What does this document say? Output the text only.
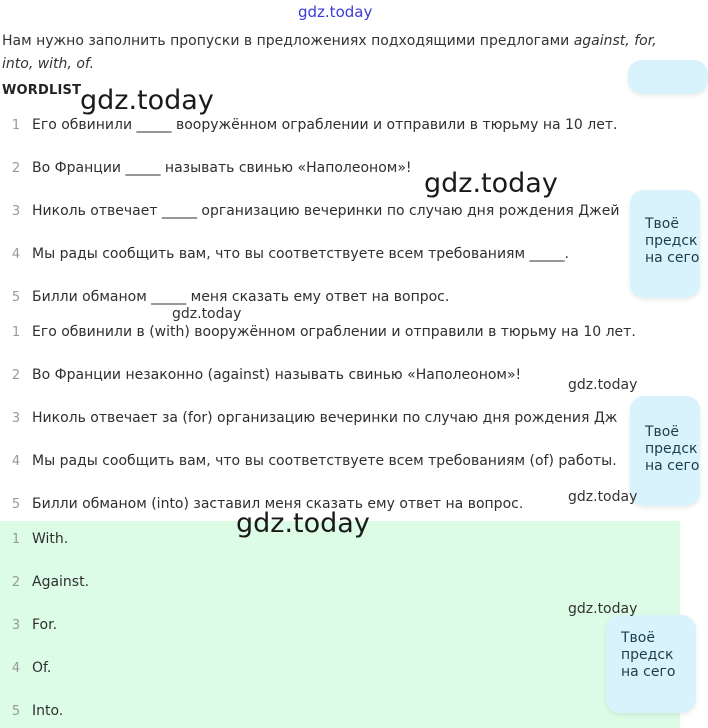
gdz.today
Нам нужно заполнить пропуски в предложениях подходящими предлогами against, for, into, with, of.
WORDLIST
1 Его обвинили _____ вооружённом ограблении и отправили в тюрьму на 10 лет.
2 Во Франции _____ называть свинью «Наполеоном»!
3 Николь отвечает _____ организацию вечеринки по случаю дня рождения Джей
4 Мы рады сообщить вам, что вы соответствуете всем требованиям _____.
5 Билли обманом _____ меня сказать ему ответ на вопрос.
1 Его обвинили в (with) вооружённом ограблении и отправили в тюрьму на 10 лет.
2 Во Франции незаконно (against) называть свинью «Наполеоном»!
3 Николь отвечает за (for) организацию вечеринки по случаю дня рождения Дж
4 Мы рады сообщить вам, что вы соответствуете всем требованиям (of) работы.
5 Билли обманом (into) заставил меня сказать ему ответ на вопрос.
1 With.
2 Against.
3 For.
4 Of.
5 Into.
Твоё
предск
на сего
Твоё
предск
на сего
Твоё
предск
на сего
gdz.today
gdz.today
gdz.today
gdz.today
gdz.today
gdz.today
gdz.today
